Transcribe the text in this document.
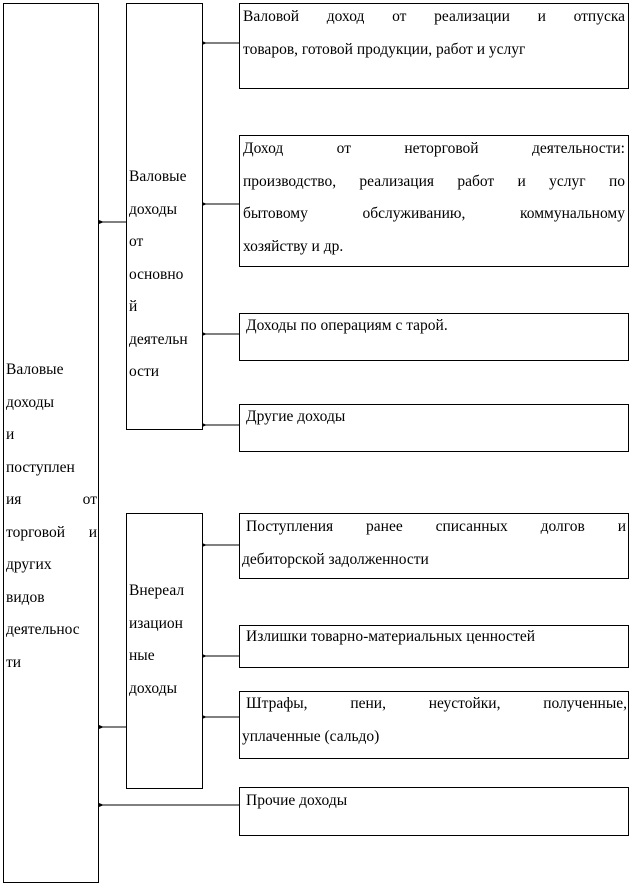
Валовые
доходы
и
поступлен
ия	от
торговой и
других
видов
деятельнос
ти
Валовые
доходы
от
основно
й
деятельн
ости
Валовой доход от реализации и отпуска
товаров, готовой продукции, работ и услуг
Доход от неторговой деятельности:
производство, реализация работ и услуг по
бытовому обслуживанию, коммунальному
хозяйству и др.
Доходы по операциям с тарой.
Другие доходы
Внереал
изацион
ные
доходы
Поступления ранее списанных долгов и
дебиторской задолженности
Излишки товарно-материальных ценностей
Штрафы, пени, неустойки, полученные,
уплаченные (сальдо)
Прочие доходы
